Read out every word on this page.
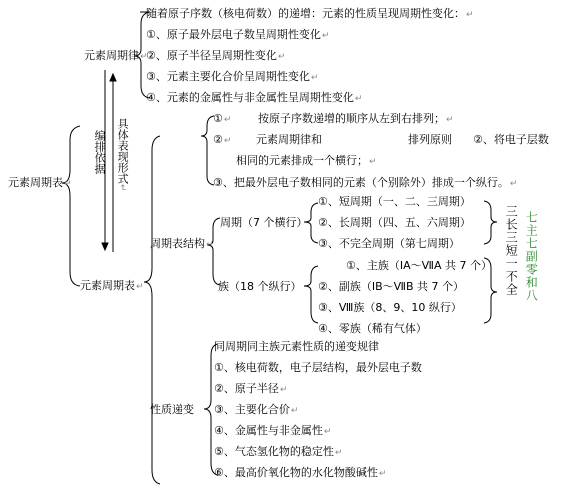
元素周期表↵
元素周期律↵
随着原子序数（核电荷数）的递增：元素的性质呈现周期性变化：↵
①、原子最外层电子数呈周期性变化↵
②、原子半径呈周期性变化↵
③、元素主要化合价呈周期性变化↵
④、元素的金属性与非金属性呈周期性变化↵
编排依据 具体表现形式↵
元素周期表↵
①↵ 按原子序数递增的顺序从左到右排列；↵
②↵ 元素周期律和	排列原则 ②、将电子层数
相同的元素排成一个横行；↵
③、把最外层电子数相同的元素（个别除外）排成一个纵行。↵
周期表结构↵
周期（7 个横行）
①、短周期（一、二、三周期）
②、长周期（四、五、六周期）
③、不完全周期（第七周期）
族（18 个纵行）
①、主族（ⅠA～ⅦA 共 7 个）
②、副族（ⅠB～ⅦB 共 7 个）
③、Ⅷ族（8、9、10 纵行）
④、零族（稀有气体）
三长三短一不全 七主七副零和八
性质递变
同周期同主族元素性质的递变规律
①、核电荷数，电子层结构，最外层电子数
②、原子半径↵
③、主要化合价↵
④、金属性与非金属性↵
⑤、气态氢化物的稳定性↵
⑥、最高价氧化物的水化物酸碱性↵
